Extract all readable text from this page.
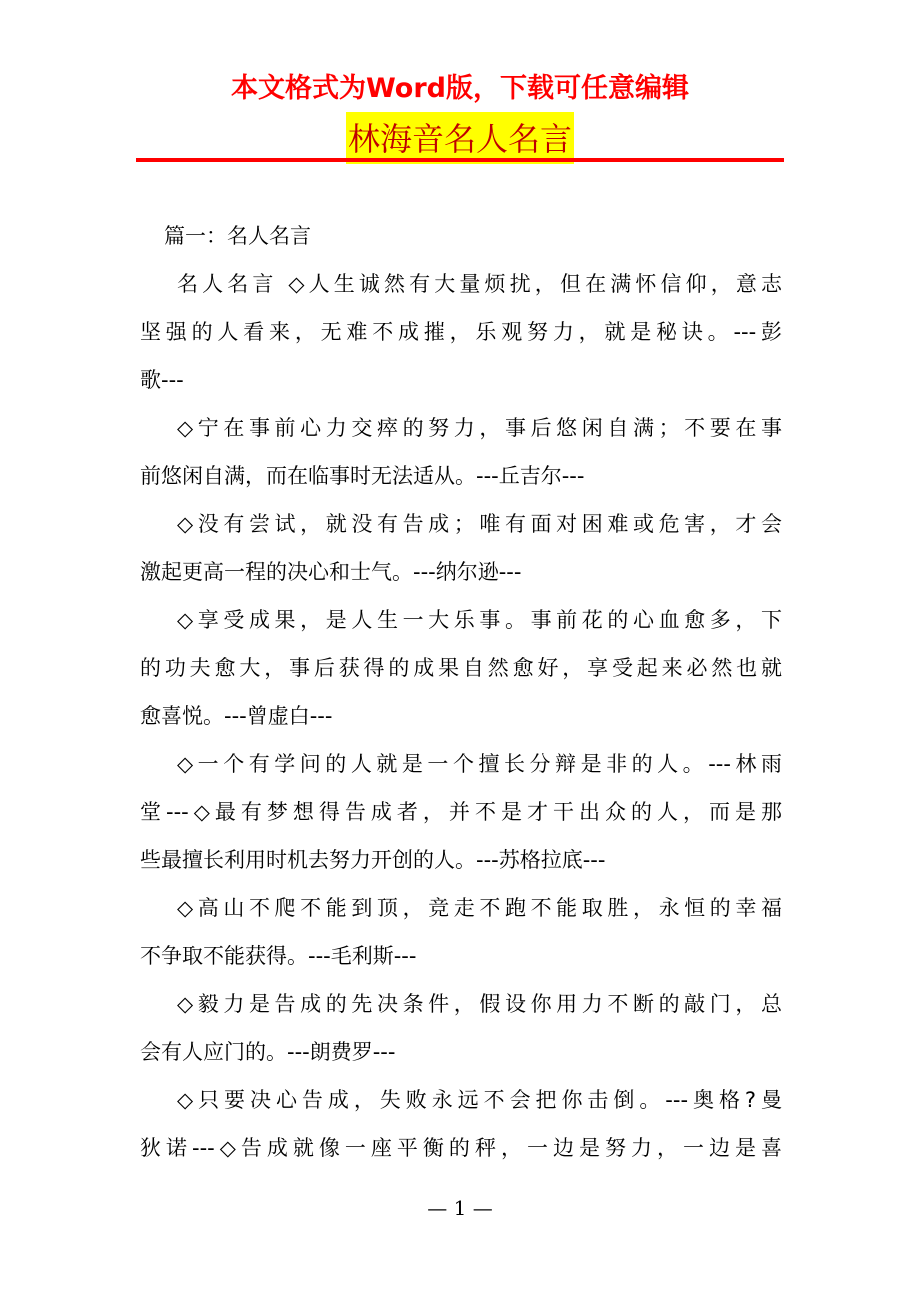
本文格式为Word版，下载可任意编辑
林海音名人名言
篇一：名人名言
名人名言 ◇人生诚然有大量烦扰，但在满怀信仰，意志
坚强的人看来，无难不成摧，乐观努力，就是秘诀。---彭
歌---
◇宁在事前心力交瘁的努力，事后悠闲自满；不要在事
前悠闲自满，而在临事时无法适从。---丘吉尔---
◇没有尝试，就没有告成；唯有面对困难或危害，才会
激起更高一程的决心和士气。---纳尔逊---
◇享受成果，是人生一大乐事。事前花的心血愈多，下
的功夫愈大，事后获得的成果自然愈好，享受起来必然也就
愈喜悦。---曾虚白---
◇一个有学问的人就是一个擅长分辩是非的人。---林雨
堂---◇最有梦想得告成者，并不是才干出众的人，而是那
些最擅长利用时机去努力开创的人。---苏格拉底---
◇高山不爬不能到顶，竞走不跑不能取胜，永恒的幸福
不争取不能获得。---毛利斯---
◇毅力是告成的先决条件，假设你用力不断的敲门，总
会有人应门的。---朗费罗---
◇只要决心告成，失败永远不会把你击倒。---奥格?曼
狄诺---◇告成就像一座平衡的秤，一边是努力，一边是喜
— 1 —
